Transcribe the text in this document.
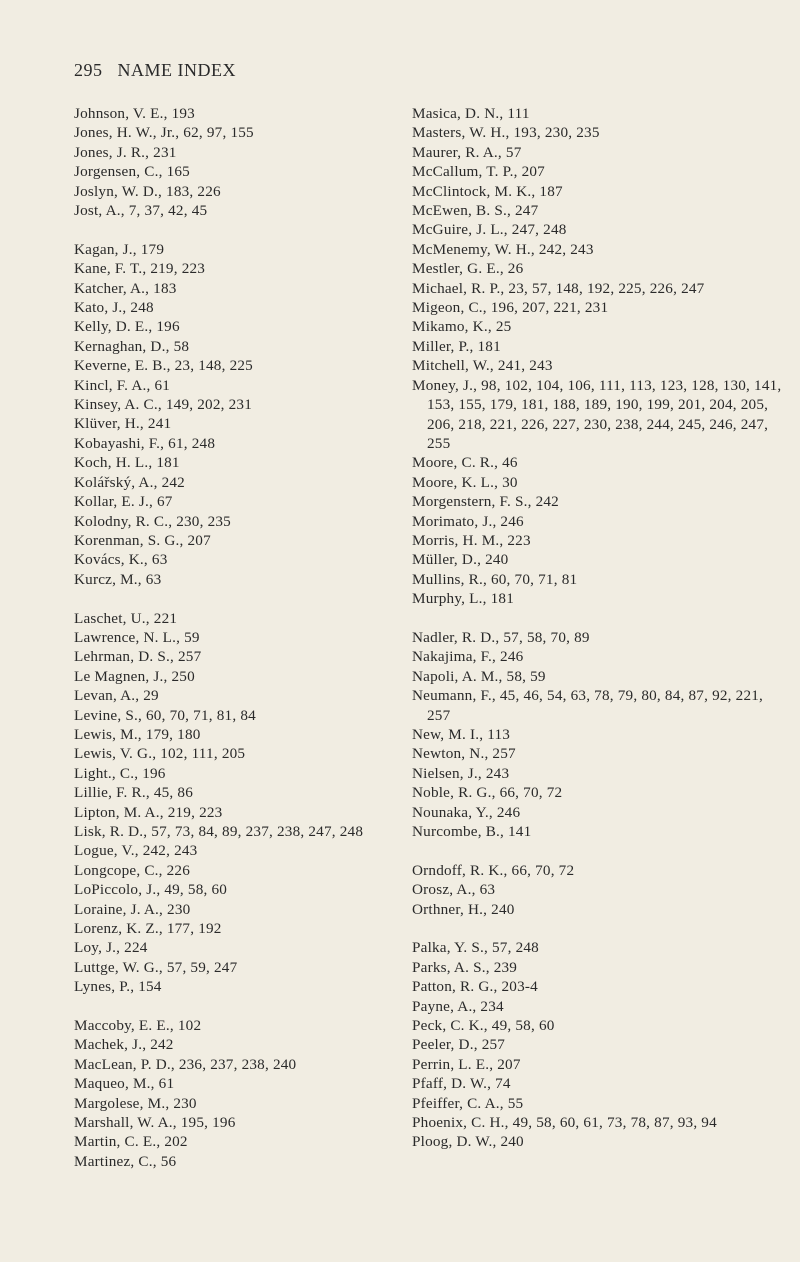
295 NAME INDEX
Johnson, V. E., 193
Jones, H. W., Jr., 62, 97, 155
Jones, J. R., 231
Jorgensen, C., 165
Joslyn, W. D., 183, 226
Jost, A., 7, 37, 42, 45
Kagan, J., 179
Kane, F. T., 219, 223
Katcher, A., 183
Kato, J., 248
Kelly, D. E., 196
Kernaghan, D., 58
Keverne, E. B., 23, 148, 225
Kincl, F. A., 61
Kinsey, A. C., 149, 202, 231
Klüver, H., 241
Kobayashi, F., 61, 248
Koch, H. L., 181
Kolářský, A., 242
Kollar, E. J., 67
Kolodny, R. C., 230, 235
Korenman, S. G., 207
Kovács, K., 63
Kurcz, M., 63
Laschet, U., 221
Lawrence, N. L., 59
Lehrman, D. S., 257
Le Magnen, J., 250
Levan, A., 29
Levine, S., 60, 70, 71, 81, 84
Lewis, M., 179, 180
Lewis, V. G., 102, 111, 205
Light., C., 196
Lillie, F. R., 45, 86
Lipton, M. A., 219, 223
Lisk, R. D., 57, 73, 84, 89, 237, 238, 247, 248
Logue, V., 242, 243
Longcope, C., 226
LoPiccolo, J., 49, 58, 60
Loraine, J. A., 230
Lorenz, K. Z., 177, 192
Loy, J., 224
Luttge, W. G., 57, 59, 247
Lynes, P., 154
Maccoby, E. E., 102
Machek, J., 242
MacLean, P. D., 236, 237, 238, 240
Maqueo, M., 61
Margolese, M., 230
Marshall, W. A., 195, 196
Martin, C. E., 202
Martinez, C., 56
Masica, D. N., 111
Masters, W. H., 193, 230, 235
Maurer, R. A., 57
McCallum, T. P., 207
McClintock, M. K., 187
McEwen, B. S., 247
McGuire, J. L., 247, 248
McMenemy, W. H., 242, 243
Mestler, G. E., 26
Michael, R. P., 23, 57, 148, 192, 225, 226, 247
Migeon, C., 196, 207, 221, 231
Mikamo, K., 25
Miller, P., 181
Mitchell, W., 241, 243
Money, J., 98, 102, 104, 106, 111, 113, 123, 128, 130, 141, 153, 155, 179, 181, 188, 189, 190, 199, 201, 204, 205, 206, 218, 221, 226, 227, 230, 238, 244, 245, 246, 247, 255
Moore, C. R., 46
Moore, K. L., 30
Morgenstern, F. S., 242
Morimato, J., 246
Morris, H. M., 223
Müller, D., 240
Mullins, R., 60, 70, 71, 81
Murphy, L., 181
Nadler, R. D., 57, 58, 70, 89
Nakajima, F., 246
Napoli, A. M., 58, 59
Neumann, F., 45, 46, 54, 63, 78, 79, 80, 84, 87, 92, 221, 257
New, M. I., 113
Newton, N., 257
Nielsen, J., 243
Noble, R. G., 66, 70, 72
Nounaka, Y., 246
Nurcombe, B., 141
Orndoff, R. K., 66, 70, 72
Orosz, A., 63
Orthner, H., 240
Palka, Y. S., 57, 248
Parks, A. S., 239
Patton, R. G., 203-4
Payne, A., 234
Peck, C. K., 49, 58, 60
Peeler, D., 257
Perrin, L. E., 207
Pfaff, D. W., 74
Pfeiffer, C. A., 55
Phoenix, C. H., 49, 58, 60, 61, 73, 78, 87, 93, 94
Ploog, D. W., 240
